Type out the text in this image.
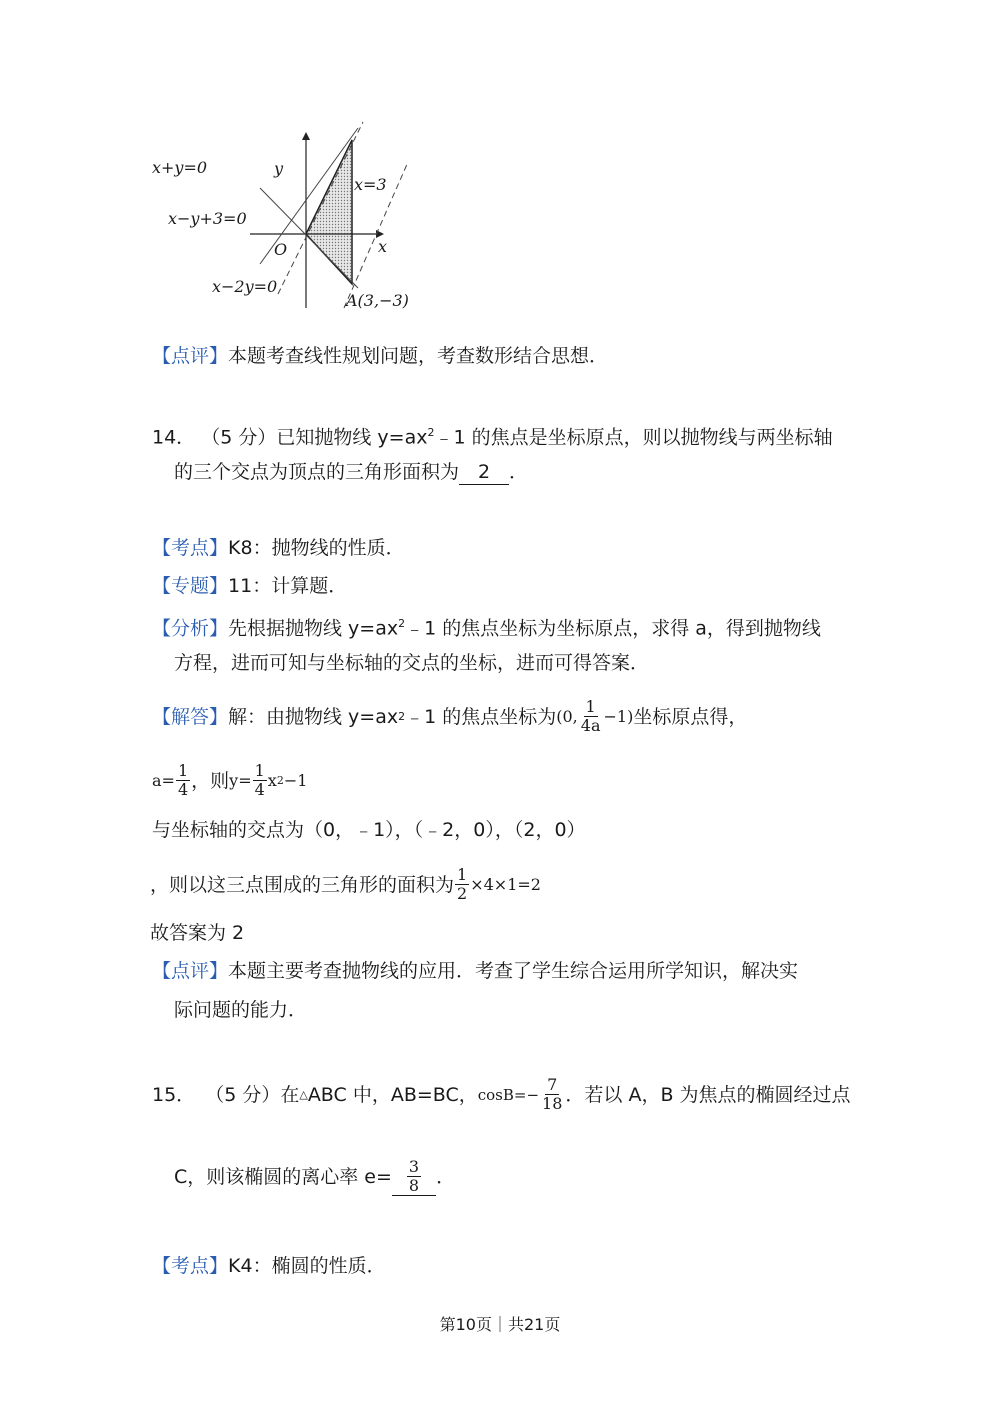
x+y=0
x−y+3=0
x−2y=0
x=3
y
x
O
A(3,−3)
【点评】本题考查线性规划问题，考查数形结合思想．
14． （5 分）已知抛物线 $y=ax^2﹣1$ 的焦点是坐标原点，则以抛物线与两坐标轴
的三个交点为顶点的三角形面积为 2 ．
【考点】K8：抛物线的性质．
【专题】11：计算题．
【分析】先根据抛物线 $y=ax^2﹣1$ 的焦点坐标为坐标原点，求得 a，得到抛物线
方程，进而可知与坐标轴的交点的坐标，进而可得答案．
【解答】 解：由抛物线 y=ax 2 ﹣1 的焦点坐标为 (0, $\frac{1}{4a} -1$) 坐标原点得，
$a= \frac{1}{4}$ ，则 $y= \frac{1}{4}$ x 2 −1
与坐标轴的交点为（0，﹣1），（﹣2，0），（2，0）
，则以这三点围成的三角形的面积为 $\frac{1}{2} \times 4\times 1=2$
故答案为 2
【点评】本题主要考查抛物线的应用．考查了学生综合运用所学知识，解决实
际问题的能力．
15． （5 分） 在 △ ABC 中，AB=BC， $\cos B=- \frac{7}{18}$ ．若以 A，B 为焦点的椭圆经过点
C，则该椭圆的离心率 $e= \frac{3}{8}$ ．
【考点】K4：椭圆的性质．
第10页｜共21页
